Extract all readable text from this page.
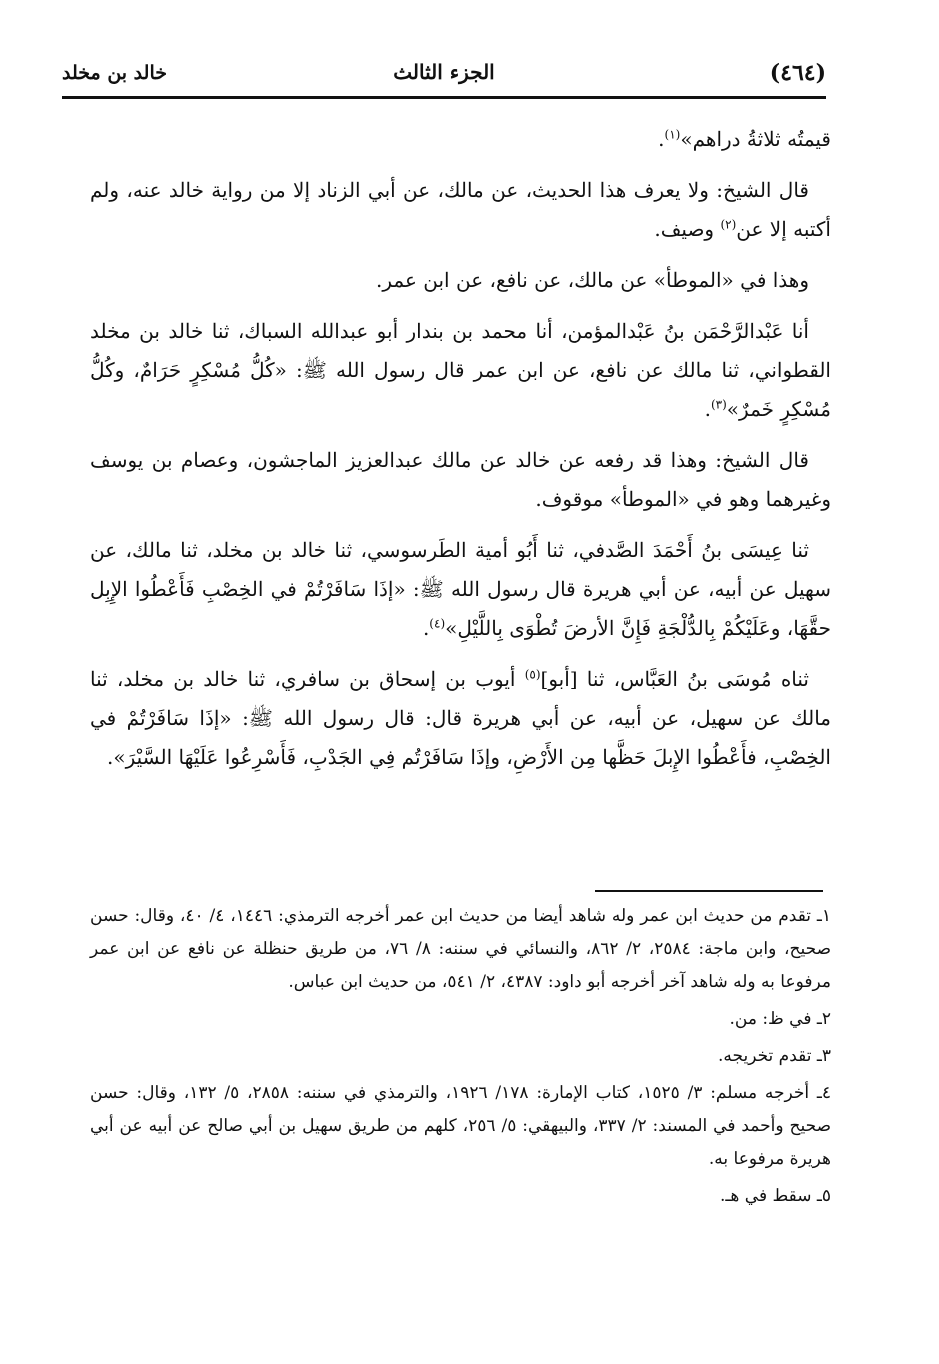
(٤٦٤)
الجزء الثالث
خالد بن مخلد

قيمتُه ثلاثةُ دراهم»$^{(١)}$.

قال الشيخ: ولا يعرف هذا الحديث، عن مالك، عن أبي الزناد إلا من رواية خالد عنه، ولم أكتبه إلا عن$^{(٢)}$ وصيف.

وهذا في «الموطأ» عن مالك، عن نافع، عن ابن عمر.

أنا عَبْدالرَّحْمَن بنُ عَبْدالمؤمن، أنا محمد بن بندار أبو عبدالله السباك، ثنا خالد بن مخلد القطواني، ثنا مالك عن نافع، عن ابن عمر قال رسول الله ﷺ: «كُلُّ مُسْكِرٍ حَرَامٌ، وكُلُّ مُسْكِرٍ خَمرٌ»$^{(٣)}$.

قال الشيخ: وهذا قد رفعه عن خالد عن مالك عبدالعزيز الماجشون، وعصام بن يوسف وغيرهما وهو في «الموطأ» موقوف.

ثنا عِيسَى بنُ أَحْمَدَ الصَّدفي، ثنا أَبُو أمية الطَرسوسي، ثنا خالد بن مخلد، ثنا مالك، عن سهيل عن أبيه، عن أبي هريرة قال رسول الله ﷺ: «إذَا سَافَرْتُمْ في الخِصْبِ فَأَعْطُوا الإِبِل حقَّهَا، وعَلَيْكُمْ بِالدُّلْجَةِ فَإِنَّ الأرضَ تُطْوَى بِاللَّيْلِ»$^{(٤)}$.

ثناه مُوسَى بنُ العَبَّاس، ثنا [أبو]$^{(٥)}$ أيوب بن إسحاق بن سافري، ثنا خالد بن مخلد، ثنا مالك عن سهيل، عن أبيه، عن أبي هريرة قال: قال رسول الله ﷺ: «إذَا سَافَرْتُمْ في الخِصْبِ، فأَعْطُوا الإِبلَ حَظَّها مِن الأَرْضِ، وإذَا سَافَرْتُم فِي الجَدْبِ، فَأَسْرِعُوا عَلَيْهَا السَّيْرَ».

١ـ تقدم من حديث ابن عمر وله شاهد أيضا من حديث ابن عمر أخرجه الترمذي: ١٤٤٦، ٤/ ٤٠، وقال: حسن صحيح، وابن ماجة: ٢٥٨٤، ٢/ ٨٦٢، والنسائي في سننه: ٨/ ٧٦، من طريق حنظلة عن نافع عن ابن عمر مرفوعا به وله شاهد آخر أخرجه أبو داود: ٤٣٨٧، ٢/ ٥٤١، من حديث ابن عباس.

٢ـ في ظ: من.

٣ـ تقدم تخريجه.

٤ـ أخرجه مسلم: ٣/ ١٥٢٥، كتاب الإمارة: ١٧٨/ ١٩٢٦، والترمذي في سننه: ٢٨٥٨، ٥/ ١٣٢، وقال: حسن صحيح وأحمد في المسند: ٢/ ٣٣٧، والبيهقي: ٥/ ٢٥٦، كلهم من طريق سهيل بن أبي صالح عن أبيه عن أبي هريرة مرفوعا به.

٥ـ سقط في هـ.
